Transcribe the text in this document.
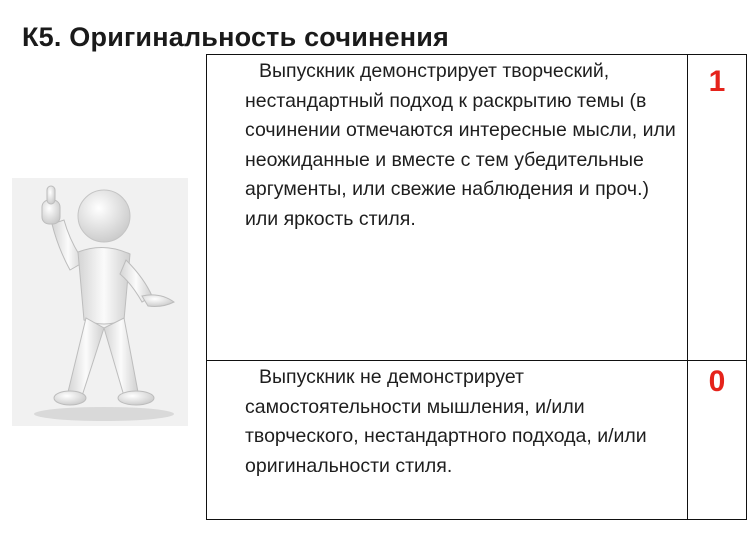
К5. Оригинальность сочинения
Выпускник демонстрирует творческий, нестандартный подход к раскрытию темы (в сочинении отмечаются интересные мысли, или неожиданные и вместе с тем убедительные аргументы, или свежие наблюдения и проч.) или яркость стиля.	1

Выпускник не демонстрирует самостоятельности мышления, и/или творческого, нестандартного подхода, и/или оригинальности стиля.	0
